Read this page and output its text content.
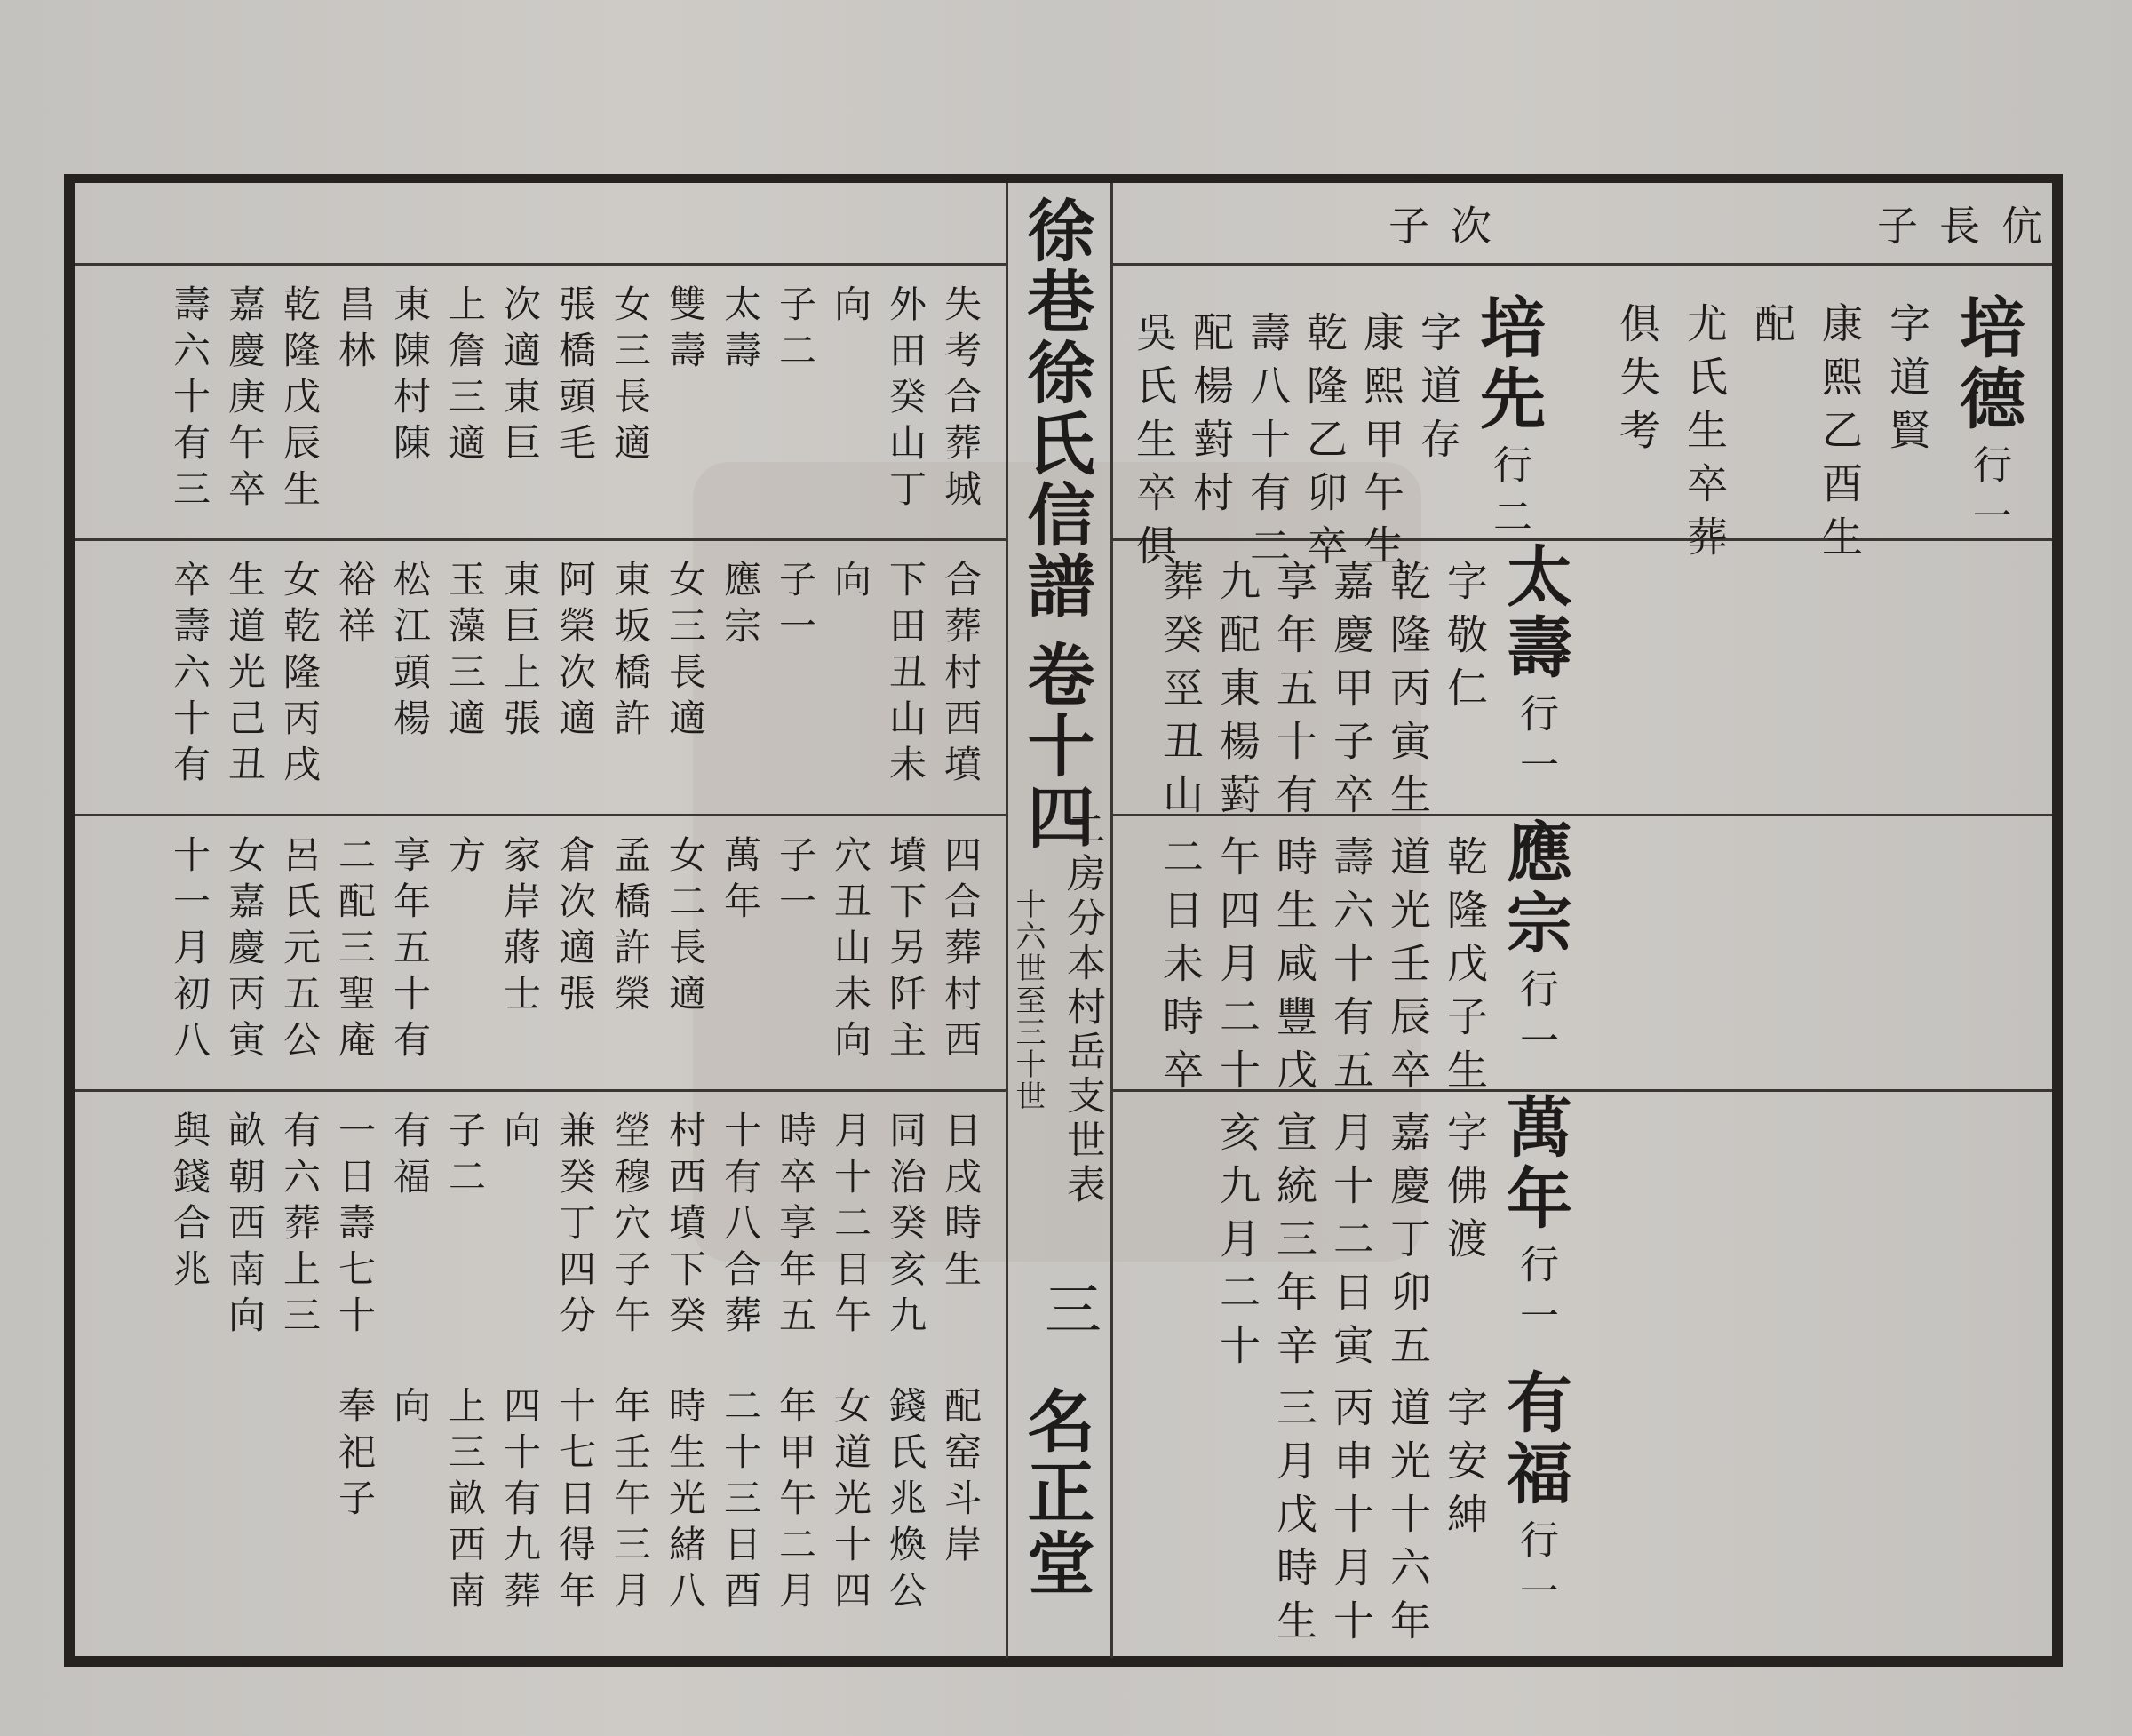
徐巷徐氏信譜
卷十四
十六世至三十世 二房分本村岳支世表
三
名正堂
伉
長
子
次
子
培德
行一
字道賢
康熙乙酉生
配
尤氏生卒葬
俱失考
培先
行二
字道存
康熙甲午生
乾隆乙卯卒
壽八十有二
配楊薱村
吳氏生卒俱
太壽
行一
字敬仁
乾隆丙寅生
嘉慶甲子卒
享年五十有
九配東楊薱
葬癸巠丑山
應宗
行一
乾隆戊子生
道光壬辰卒
壽六十有五
時生咸豐戊
午四月二十
二日未時卒
萬年
行一
字佛渡
嘉慶丁卯五
月十二日寅
宣統三年辛
亥九月二十
有福
行一
字安紳
道光十六年
丙申十月十
三月戊時生
失考合葬城
外田癸山丁
向
子二
太壽
雙壽
女三長適
張橋頭毛
次適東巨
上詹三適
東陳村陳
昌林
乾隆戊辰生
嘉慶庚午卒
壽六十有三
合葬村西墳
下田丑山未
向
子一
應宗
女三長適
東坂橋許
阿榮次適
東巨上張
玉藻三適
松江頭楊
裕祥
女乾隆丙戌
生道光己丑
卒壽六十有
四合葬村西
墳下另阡主
穴丑山未向
子一
萬年
女二長適
孟橋許榮
倉次適張
家岸蔣士
方
享年五十有
二配三聖庵
呂氏元五公
女嘉慶丙寅
十一月初八
日戌時生
同治癸亥九
月十二日午
時卒享年五
十有八合葬
村西墳下癸
塋穆穴子午
兼癸丁四分
向
子二
有福
一日壽七十
有六葬上三
畝朝西南向
與錢合兆
配窑斗岸
錢氏兆煥公
女道光十四
年甲午二月
二十三日酉
時生光緒八
年壬午三月
十七日得年
四十有九葬
上三畝西南
向
奉祀子
